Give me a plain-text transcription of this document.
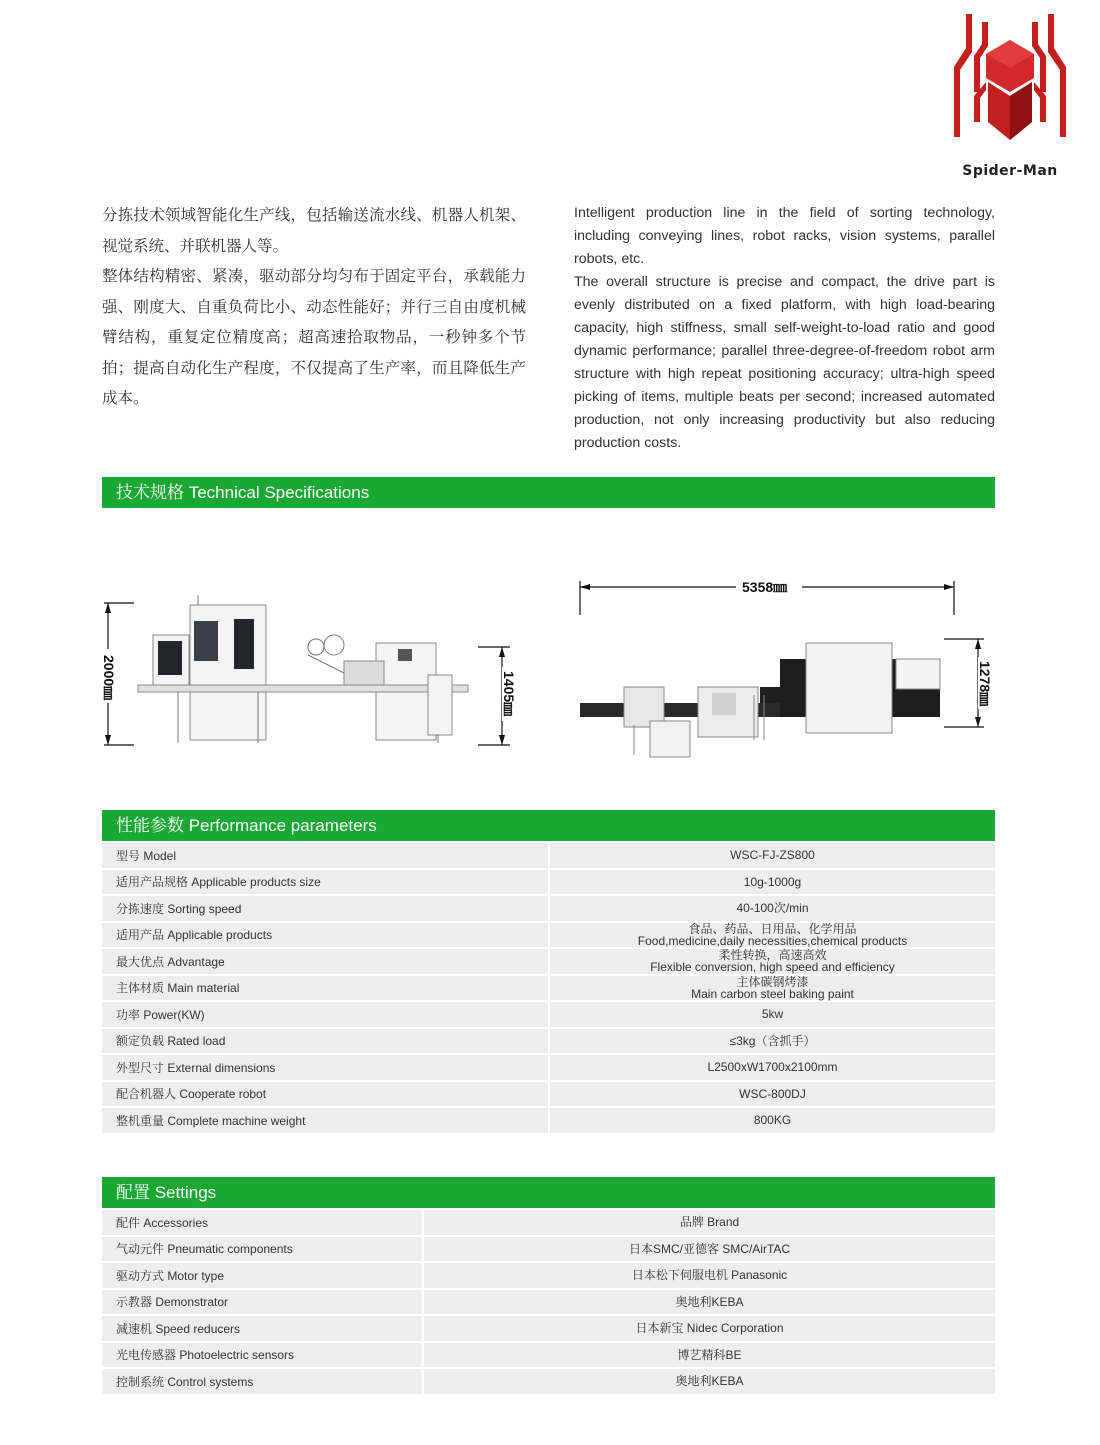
Spider-Man

分拣技术领域智能化生产线，包括输送流水线、机器人机架、视觉系统、并联机器人等。

整体结构精密、紧凑，驱动部分均匀布于固定平台，承载能力强、刚度大、自重负荷比小、动态性能好；并行三自由度机械臂结构，重复定位精度高；超高速拾取物品，一秒钟多个节拍；提高自动化生产程度，不仅提高了生产率，而且降低生产成本。

Intelligent production line in the field of sorting technology, including conveying lines, robot racks, vision systems, parallel robots, etc.

The overall structure is precise and compact, the drive part is evenly distributed on a fixed platform, with high load-bearing capacity, high stiffness, small self-weight-to-load ratio and good dynamic performance; parallel three-degree-of-freedom robot arm structure with high repeat positioning accuracy; ultra-high speed picking of items, multiple beats per second; increased automated production, not only increasing productivity but also reducing production costs.

技术规格 Technical Specifications
2000㎜	1405㎜
5358㎜
1278㎜
性能参数 Performance parameters
型号 Model	WSC-FJ-ZS800
适用产品规格 Applicable products size	10g-1000g
分拣速度 Sorting speed	40-100次/min
适用产品 Applicable products	食品、药品、日用品、化学用品
Food,medicine,daily necessities,chemical products

最大优点 Advantage	柔性转换，高速高效
Flexible conversion, high speed and efficiency

主体材质 Main material	主体碳钢烤漆
Main carbon steel baking paint

功率 Power(KW)	5kw
额定负载 Rated load	≤3kg（含抓手）
外型尺寸 External dimensions	L2500xW1700x2100mm
配合机器人 Cooperate robot	WSC-800DJ
整机重量 Complete machine weight	800KG
配置 Settings
配件 Accessories	品牌 Brand
气动元件 Pneumatic components	日本SMC/亚德客 SMC/AirTAC
驱动方式 Motor type	日本松下伺服电机 Panasonic
示教器 Demonstrator	奥地利KEBA
减速机 Speed reducers	日本新宝 Nidec Corporation
光电传感器 Photoelectric sensors	博艺精科BE
控制系统 Control systems	奥地利KEBA
